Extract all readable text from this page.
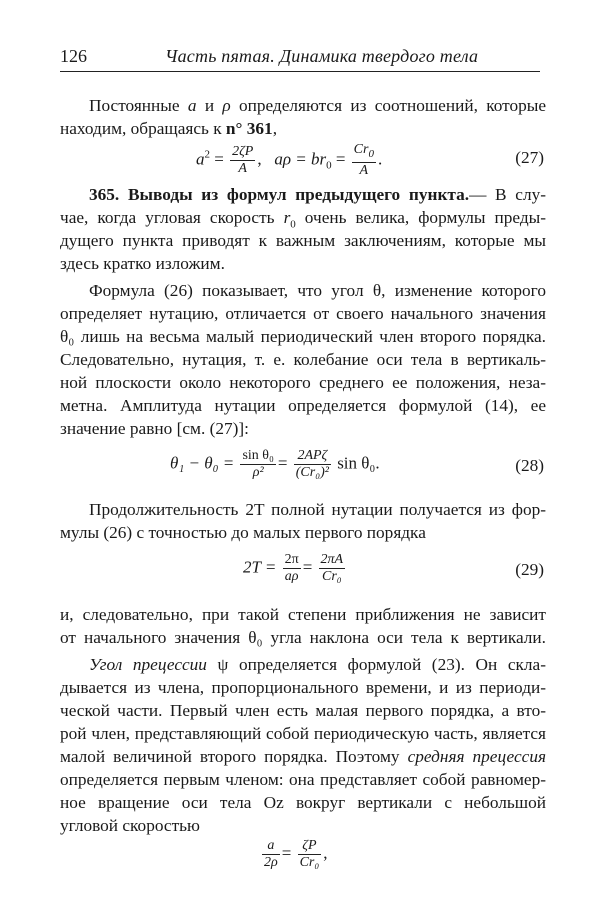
126	Часть пятая. Динамика твердого тела
Постоянные a и ρ определяются из соотношений, которые
находим, обращаясь к n° 361,
$a^2 = \frac{2\zeta P}{A}$ ,   $a\rho = br_0 = \frac{Cr_0}{A}$ .	(27)
365. Выводы из формул предыдущего пункта.— В слу-
чае, когда угловая скорость $r_0$ очень велика, формулы преды-
дущего пункта приводят к важным заключениям, которые мы
здесь кратко изложим.
Формула (26) показывает, что угол θ, изменение которого
определяет нутацию, отличается от своего начального значения
θ₀ лишь на весьма малый периодический член второго порядка.
Следовательно, нутация, т. е. колебание оси тела в вертикаль-
ной плоскости около некоторого среднего ее положения, неза-
метна. Амплитуда нутации определяется формулой (14), ее
значение равно [см. (27)]:
$\theta_1 - \theta_0 = \frac{\text{sin θ₀}}{\text{ρ²}} = \frac{\text{2APζ}}{\text{(Cr₀)²}}$ sin θ₀.	(28)
Продолжительность 2T полной нутации получается из фор-
мулы (26) с точностью до малых первого порядка
$2T = \frac{2\pi}{a\rho} = \frac{2\pi A}{\text{Cr₀}}$	(29)
и, следовательно, при такой степени приближения не зависит
от начального значения θ₀ угла наклона оси тела к вертикали.
Угол прецессии ψ определяется формулой (23). Он скла-
дывается из члена, пропорционального времени, и из периоди-
ческой части. Первый член есть малая первого порядка, а вто-
рой член, представляющий собой периодическую часть, является
малой величиной второго порядка. Поэтому средняя прецессия
определяется первым членом: она представляет собой равномер-
ное вращение оси тела Oz вокруг вертикали с небольшой
угловой скоростью
$\frac{a}{2\rho} = \frac{\zeta P}{\text{Cr₀}}$ ,
